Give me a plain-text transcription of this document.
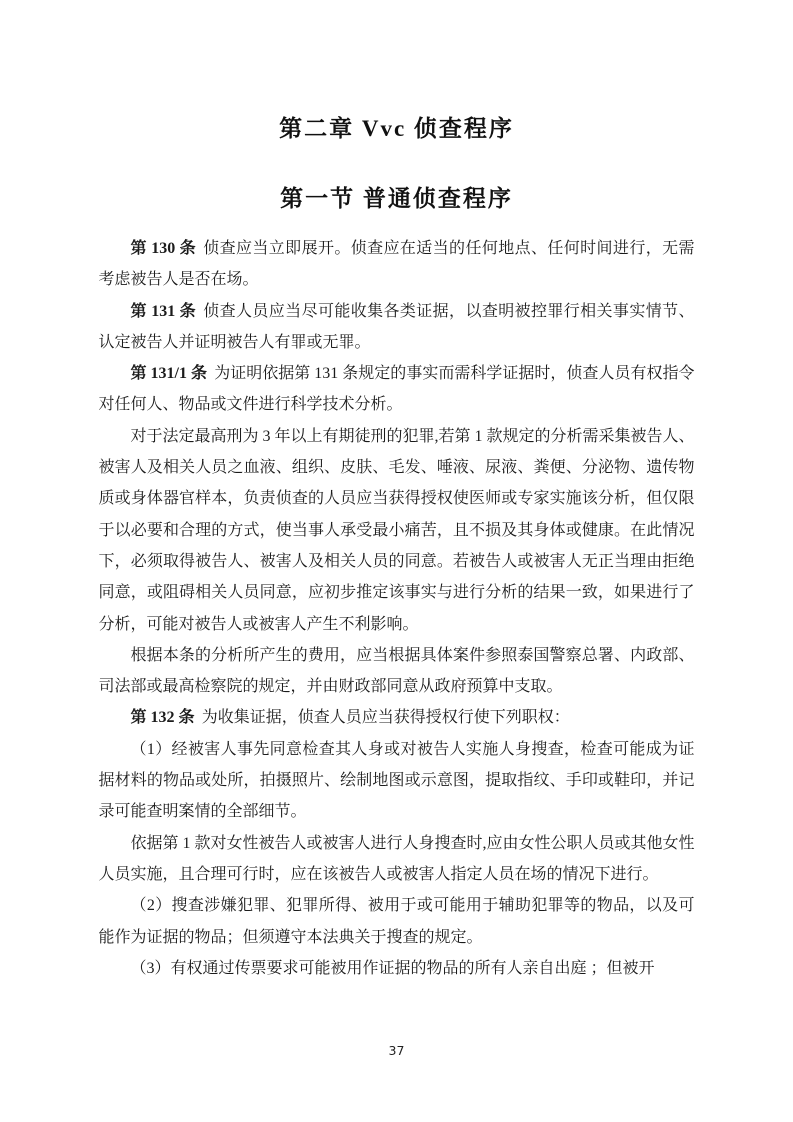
第二章 Vvc 侦查程序
第一节 普通侦查程序

第 130 条 侦查应当立即展开。侦查应在适当的任何地点、任何时间进行，无需考虑被告人是否在场。

第 131 条 侦查人员应当尽可能收集各类证据，以查明被控罪行相关事实情节、认定被告人并证明被告人有罪或无罪。

第 131/1 条 为证明依据第 131 条规定的事实而需科学证据时，侦查人员有权指令对任何人、物品或文件进行科学技术分析。

对于法定最高刑为 3 年以上有期徒刑的犯罪,若第 1 款规定的分析需采集被告人、被害人及相关人员之血液、组织、皮肤、毛发、唾液、尿液、粪便、分泌物、遗传物质或身体器官样本，负责侦查的人员应当获得授权使医师或专家实施该分析，但仅限于以必要和合理的方式，使当事人承受最小痛苦，且不损及其身体或健康。在此情况下，必须取得被告人、被害人及相关人员的同意。若被告人或被害人无正当理由拒绝同意，或阻碍相关人员同意，应初步推定该事实与进行分析的结果一致，如果进行了分析，可能对被告人或被害人产生不利影响。

根据本条的分析所产生的费用，应当根据具体案件参照泰国警察总署、内政部、司法部或最高检察院的规定，并由财政部同意从政府预算中支取。

第 132 条 为收集证据，侦查人员应当获得授权行使下列职权：

（1）经被害人事先同意检查其人身或对被告人实施人身搜查，检查可能成为证据材料的物品或处所，拍摄照片、绘制地图或示意图，提取指纹、手印或鞋印，并记录可能查明案情的全部细节。

依据第 1 款对女性被告人或被害人进行人身搜查时,应由女性公职人员或其他女性人员实施，且合理可行时，应在该被告人或被害人指定人员在场的情况下进行。

（2）搜查涉嫌犯罪、犯罪所得、被用于或可能用于辅助犯罪等的物品，以及可能作为证据的物品；但须遵守本法典关于搜查的规定。

（3）有权通过传票要求可能被用作证据的物品的所有人亲自出庭 ；但被开

37
